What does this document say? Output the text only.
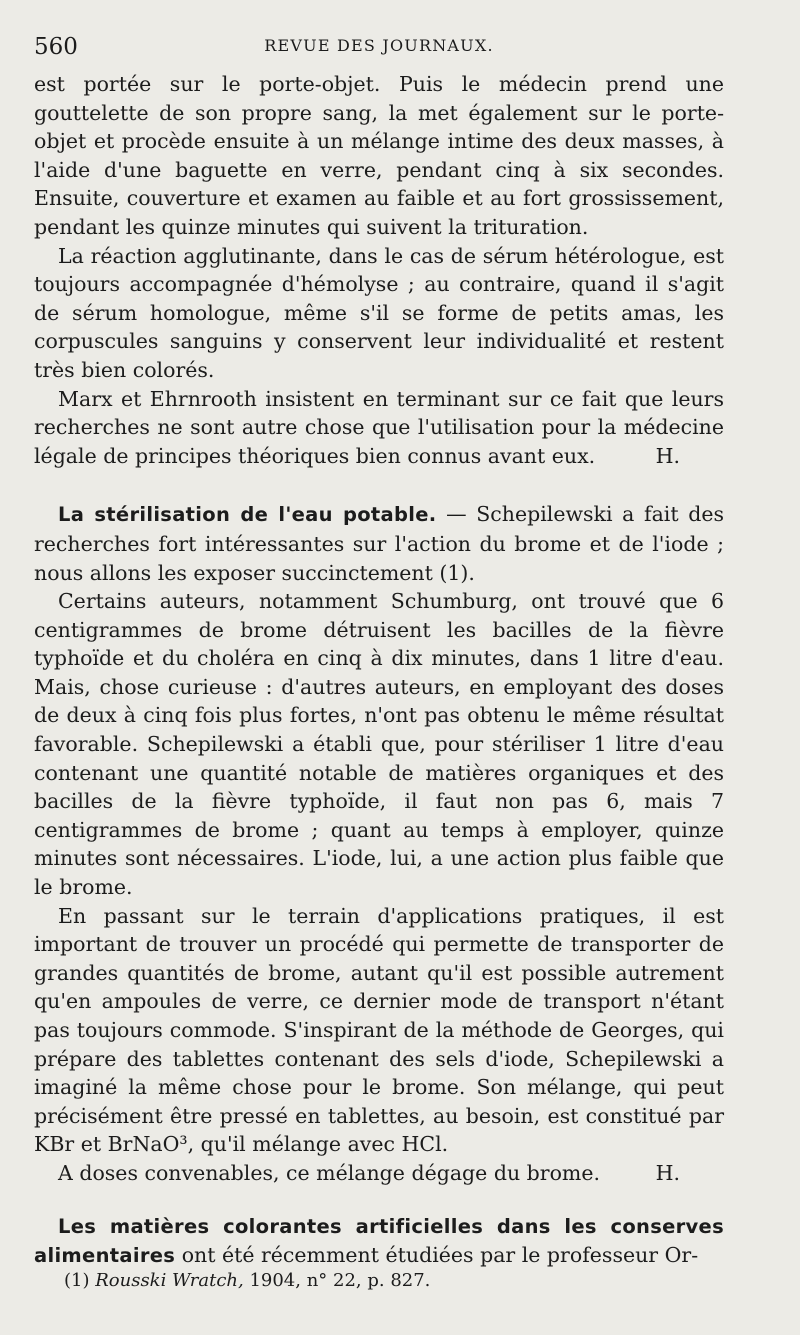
560	REVUE DES JOURNAUX.

est portée sur le porte-objet. Puis le médecin prend une gouttelette de son propre sang, la met également sur le porte-objet et procède ensuite à un mélange intime des deux masses, à l'aide d'une baguette en verre, pendant cinq à six secondes. Ensuite, couverture et examen au faible et au fort grossissement, pendant les quinze minutes qui suivent la trituration.

La réaction agglutinante, dans le cas de sérum hétérologue, est toujours accompagnée d'hémolyse ; au contraire, quand il s'agit de sérum homologue, même s'il se forme de petits amas, les corpuscules sanguins y conservent leur individualité et restent très bien colorés.

Marx et Ehrnrooth insistent en terminant sur ce fait que leurs recherches ne sont autre chose que l'utilisation pour la médecine légale de principes théoriques bien connus avant eux.	H.

La stérilisation de l'eau potable. — Schepilewski a fait des recherches fort intéressantes sur l'action du brome et de l'iode ; nous allons les exposer succinctement (1).

Certains auteurs, notamment Schumburg, ont trouvé que 6 centigrammes de brome détruisent les bacilles de la fièvre typhoïde et du choléra en cinq à dix minutes, dans 1 litre d'eau. Mais, chose curieuse : d'autres auteurs, en employant des doses de deux à cinq fois plus fortes, n'ont pas obtenu le même résultat favorable. Schepilewski a établi que, pour stériliser 1 litre d'eau contenant une quantité notable de matières organiques et des bacilles de la fièvre typhoïde, il faut non pas 6, mais 7 centigrammes de brome ; quant au temps à employer, quinze minutes sont nécessaires. L'iode, lui, a une action plus faible que le brome.

En passant sur le terrain d'applications pratiques, il est important de trouver un procédé qui permette de transporter de grandes quantités de brome, autant qu'il est possible autrement qu'en ampoules de verre, ce dernier mode de transport n'étant pas toujours commode. S'inspirant de la méthode de Georges, qui prépare des tablettes contenant des sels d'iode, Schepilewski a imaginé la même chose pour le brome. Son mélange, qui peut précisément être pressé en tablettes, au besoin, est constitué par KBr et BrNaO³, qu'il mélange avec HCl.

A doses convenables, ce mélange dégage du brome.	H.

Les matières colorantes artificielles dans les conserves alimentaires ont été récemment étudiées par le professeur Or-

(1) Rousski Wratch, 1904, n° 22, p. 827.
